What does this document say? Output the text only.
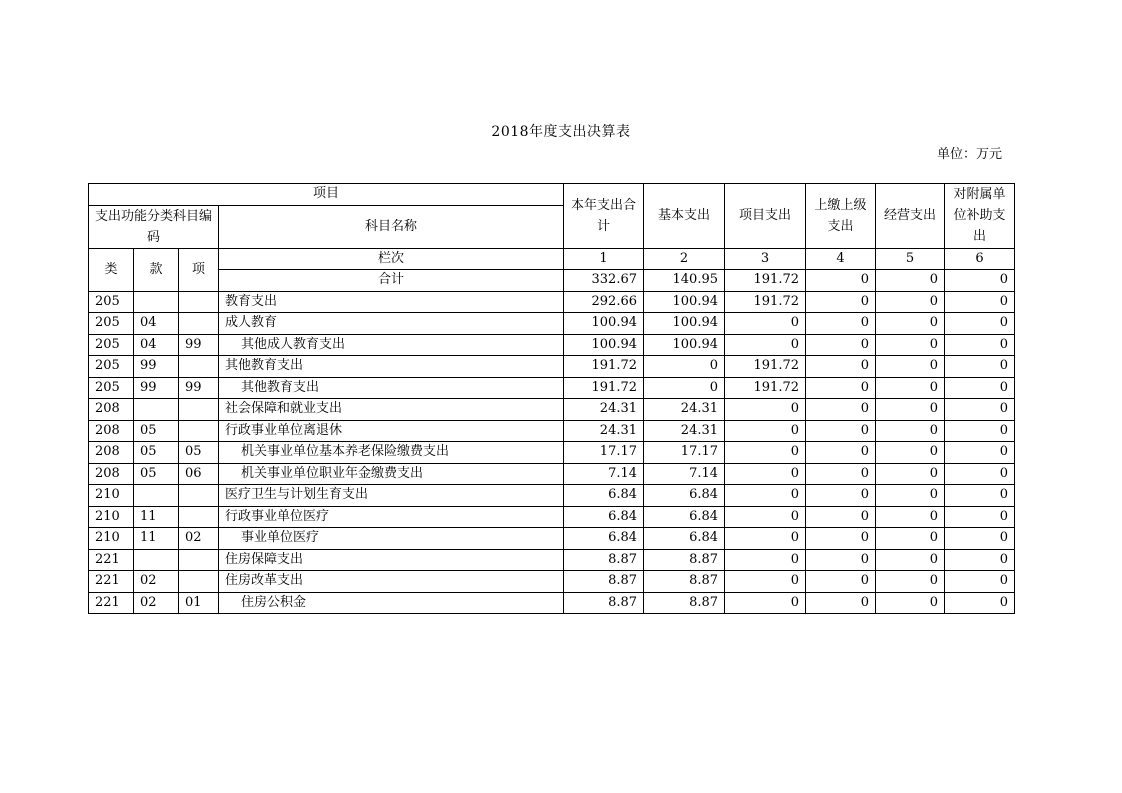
2018年度支出决算表
单位：万元
项目				本年支出合计	基本支出	项目支出	上缴上级支出	经营支出	对附属单位补助支出
支出功能分类科目编码			科目名称						
类	款	项	栏次	1	2	3	4	5	6
			合计	332.67	140.95	191.72	0	0	0
205			教育支出	292.66	100.94	191.72	0	0	0
205	04		成人教育	100.94	100.94	0	0	0	0
205	04	99	其他成人教育支出	100.94	100.94	0	0	0	0
205	99		其他教育支出	191.72	0	191.72	0	0	0
205	99	99	其他教育支出	191.72	0	191.72	0	0	0
208			社会保障和就业支出	24.31	24.31	0	0	0	0
208	05		行政事业单位离退休	24.31	24.31	0	0	0	0
208	05	05	机关事业单位基本养老保险缴费支出	17.17	17.17	0	0	0	0
208	05	06	机关事业单位职业年金缴费支出	7.14	7.14	0	0	0	0
210			医疗卫生与计划生育支出	6.84	6.84	0	0	0	0
210	11		行政事业单位医疗	6.84	6.84	0	0	0	0
210	11	02	事业单位医疗	6.84	6.84	0	0	0	0
221			住房保障支出	8.87	8.87	0	0	0	0
221	02		住房改革支出	8.87	8.87	0	0	0	0
221	02	01	住房公积金	8.87	8.87	0	0	0	0
